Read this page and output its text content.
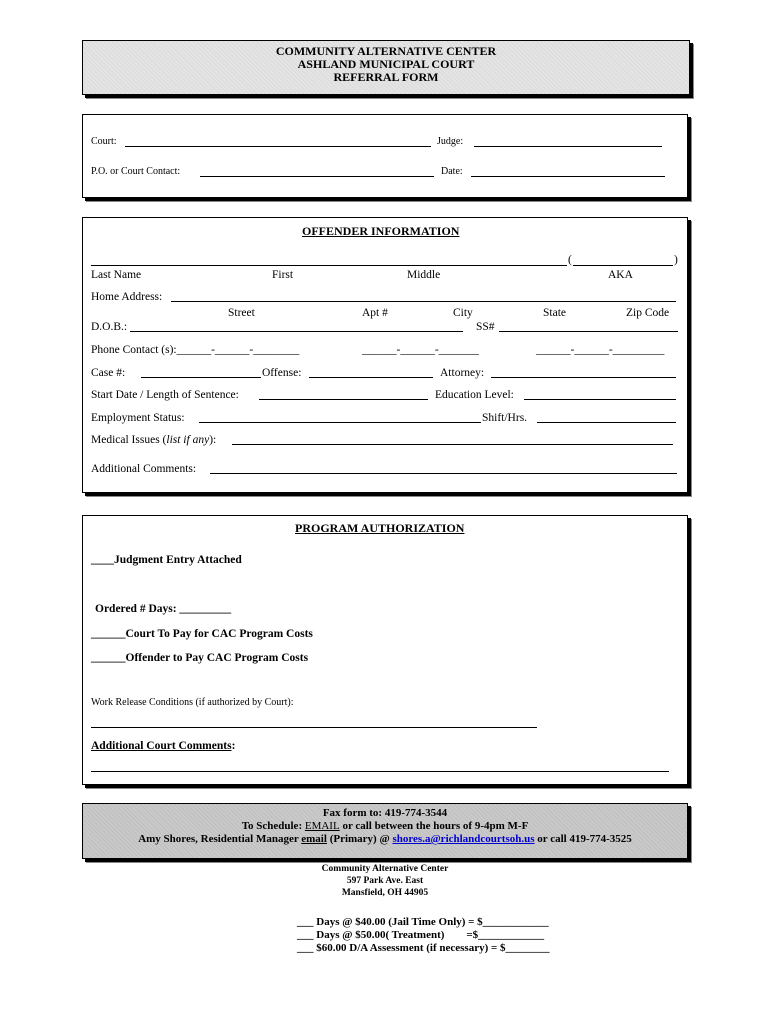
COMMUNITY ALTERNATIVE CENTER
ASHLAND MUNICIPAL COURT
REFERRAL FORM
Court:	Judge:
P.O. or Court Contact:	Date:
OFFENDER INFORMATION
(	)
Last Name	First	Middle	AKA
Home Address:
Street	Apt #	City	State	Zip Code
D.O.B.:	SS#
Phone Contact (s):______-______-________	______-______-_______	______-______-_________
Case #:	Offense:	Attorney:
Start Date / Length of Sentence:	Education Level:
Employment Status:	Shift/Hrs.
Medical Issues (list if any):
Additional Comments:
PROGRAM AUTHORIZATION
____Judgment Entry Attached
Ordered # Days: _________
______Court To Pay for CAC Program Costs
______Offender to Pay CAC Program Costs
Work Release Conditions (if authorized by Court):
Additional Court Comments:
Fax form to: 419-774-3544
To Schedule: EMAIL or call between the hours of 9-4pm M-F
Amy Shores, Residential Manager email (Primary) @ shores.a@richlandcourtsoh.us or call 419-774-3525
Community Alternative Center
597 Park Ave. East
Mansfield, OH 44905
___ Days @ $40.00 (Jail Time Only) = $____________
___ Days @ $50.00( Treatment)        =$____________
___ $60.00 D/A Assessment (if necessary) = $________
